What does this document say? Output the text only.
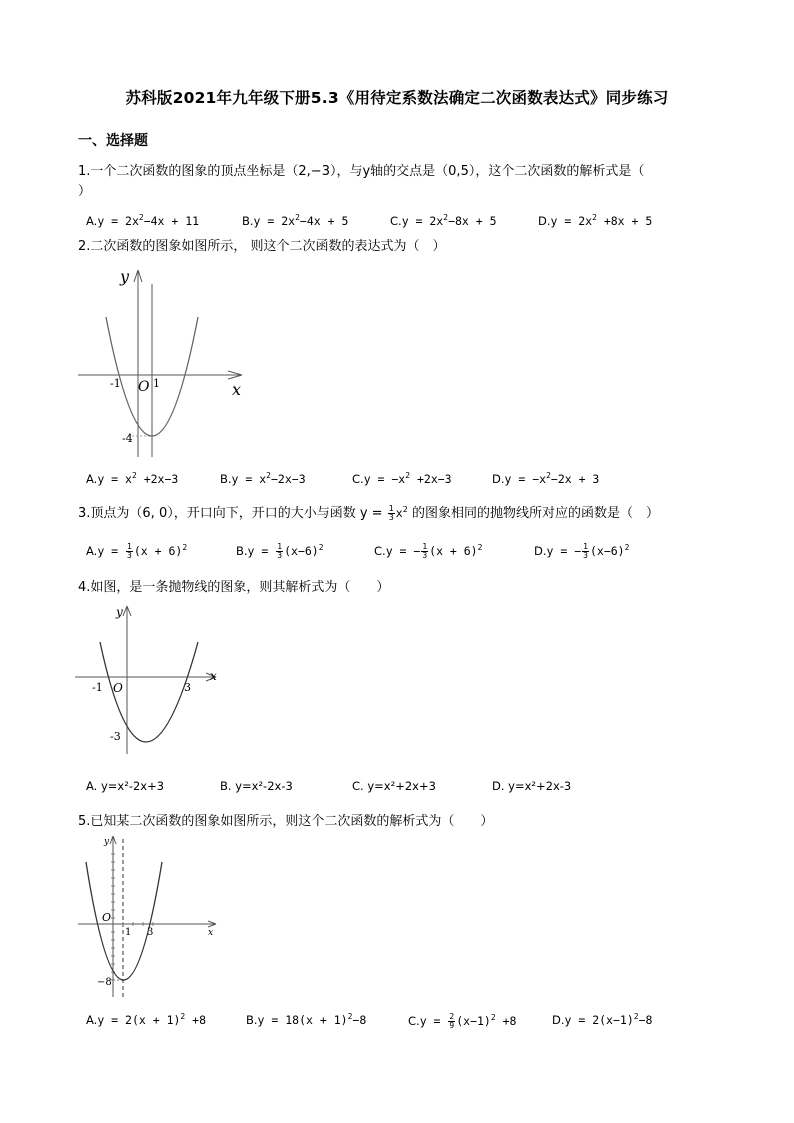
苏科版2021年九年级下册5.3《用待定系数法确定二次函数表达式》同步练习
一、选择题
1.一个二次函数的图象的顶点坐标是（2,−3），与y轴的交点是（0,5），这个二次函数的解析式是（
）
$A.y = 2x^2-4x + 11$	$B.y = 2x^2-4x + 5$	$C.y = 2x^2-8x + 5$	$D.y = 2x^2 +8x + 5$
2.二次函数的图象如图所示， 则这个二次函数的表达式为（　）
y
x
O
-1	1
-4
$A.y = x^2 +2x-3$	$B.y = x^2-2x-3$	$C.y = -x^2 +2x-3$	$D.y = -x^2-2x + 3$
3.顶点为（6, 0），开口向下，开口的大小与函数 $y = \frac{1}{3} x^2$ 的图象相同的抛物线所对应的函数是（　）
$A.y = \frac{1}{3} (x + 6)^2$	$B.y = \frac{1}{3} (x-6)^2$	C.y = − $\frac{1}{3} (x + 6)^2$	D.y = − $\frac{1}{3} (x-6)^2$
4.如图，是一条抛物线的图象，则其解析式为（　　）
y
x
O
-1	3
-3
A. y=x²-2x+3	B. y=x²-2x-3	C. y=x²+2x+3	D. y=x²+2x-3
5.已知某二次函数的图象如图所示，则这个二次函数的解析式为（　　）
y
x
O
1 3
−8
$A.y = 2(x + 1)^2 +8$	$B.y = 18(x + 1)^2-8$	$C.y = \frac{2}{9} (x-1)^2 +8$	$D.y = 2(x-1)^2-8$
